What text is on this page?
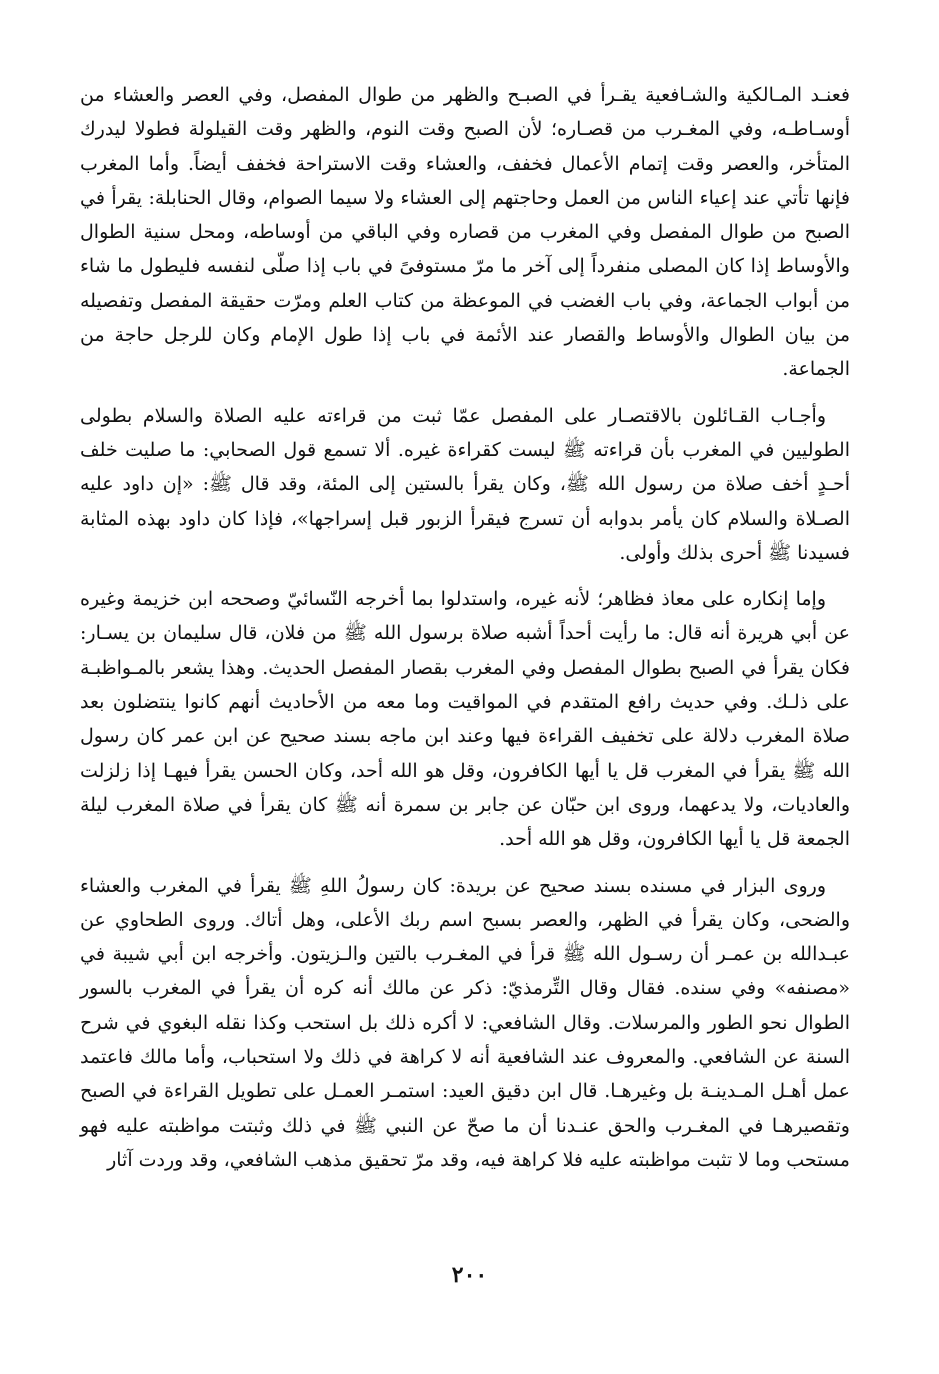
فعنـد المـالكية والشـافعية يقـرأ في الصبـح والظهر من طوال المفصل، وفي العصر والعشاء من أوسـاطـه، وفي المغـرب من قصـاره؛ لأن الصبح وقت النوم، والظهر وقت القيلولة فطولا ليدرك المتأخر، والعصر وقت إتمام الأعمال فخفف، والعشاء وقت الاستراحة فخفف أيضاً. وأما المغرب فإنها تأتي عند إعياء الناس من العمل وحاجتهم إلى العشاء ولا سيما الصوام، وقال الحنابلة: يقرأ في الصبح من طوال المفصل وفي المغرب من قصاره وفي الباقي من أوساطه، ومحل سنية الطوال والأوساط إذا كان المصلى منفرداً إلى آخر ما مرّ مستوفىً في باب إذا صلّى لنفسه فليطول ما شاء من أبواب الجماعة، وفي باب الغضب في الموعظة من كتاب العلم ومرّت حقيقة المفصل وتفصيله من بيان الطوال والأوساط والقصار عند الأئمة في باب إذا طول الإمام وكان للرجل حاجة من الجماعة.

وأجـاب القـائلون بالاقتصـار على المفصل عمّا ثبت من قراءته عليه الصلاة والسلام بطولى الطوليين في المغرب بأن قراءته ﷺ ليست كقراءة غيره. ألا تسمع قول الصحابي: ما صليت خلف أحـدٍ أخف صلاة من رسول الله ﷺ، وكان يقرأ بالستين إلى المئة، وقد قال ﷺ: «إن داود عليه الصـلاة والسلام كان يأمر بدوابه أن تسرج فيقرأ الزبور قبل إسراجها»، فإذا كان داود بهذه المثابة فسيدنا ﷺ أحرى بذلك وأولى.

وإما إنكاره على معاذ فظاهر؛ لأنه غيره، واستدلوا بما أخرجه النّسائيّ وصححه ابن خزيمة وغيره عن أبي هريرة أنه قال: ما رأيت أحداً أشبه صلاة برسول الله ﷺ من فلان، قال سليمان بن يسـار: فكان يقرأ في الصبح بطوال المفصل وفي المغرب بقصار المفصل الحديث. وهذا يشعر بالمـواظبـة على ذلـك. وفي حديث رافع المتقدم في المواقيت وما معه من الأحاديث أنهم كانوا ينتضلون بعد صلاة المغرب دلالة على تخفيف القراءة فيها وعند ابن ماجه بسند صحيح عن ابن عمر كان رسول الله ﷺ يقرأ في المغرب قل يا أيها الكافرون، وقل هو الله أحد، وكان الحسن يقرأ فيهـا إذا زلزلت والعاديات، ولا يدعهما، وروى ابن حبّان عن جابر بن سمرة أنه ﷺ كان يقرأ في صلاة المغرب ليلة الجمعة قل يا أيها الكافرون، وقل هو الله أحد.

وروى البزار في مسنده بسند صحيح عن بريدة: كان رسولُ اللهِ ﷺ يقرأ في المغرب والعشاء والضحى، وكان يقرأ في الظهر، والعصر بسبح اسم ربك الأعلى، وهل أتاك. وروى الطحاوي عن عبـدالله بن عمـر أن رسـول الله ﷺ قرأ في المغـرب بالتين والـزيتون. وأخرجه ابن أبي شيبة في «مصنفه» وفي سنده. فقال وقال التِّرمذيّ: ذكر عن مالك أنه كره أن يقرأ في المغرب بالسور الطوال نحو الطور والمرسلات. وقال الشافعي: لا أكره ذلك بل استحب وكذا نقله البغوي في شرح السنة عن الشافعي. والمعروف عند الشافعية أنه لا كراهة في ذلك ولا استحباب، وأما مالك فاعتمد عمل أهـل المـدينـة بل وغيرهـا. قال ابن دقيق العيد: استمـر العمـل على تطويل القراءة في الصبح وتقصيرهـا في المغـرب والحق عنـدنا أن ما صحّ عن النبي ﷺ في ذلك وثبتت مواظبته عليه فهو مستحب وما لا تثبت مواظبته عليه فلا كراهة فيه، وقد مرّ تحقيق مذهب الشافعي، وقد وردت آثار

٢٠٠
